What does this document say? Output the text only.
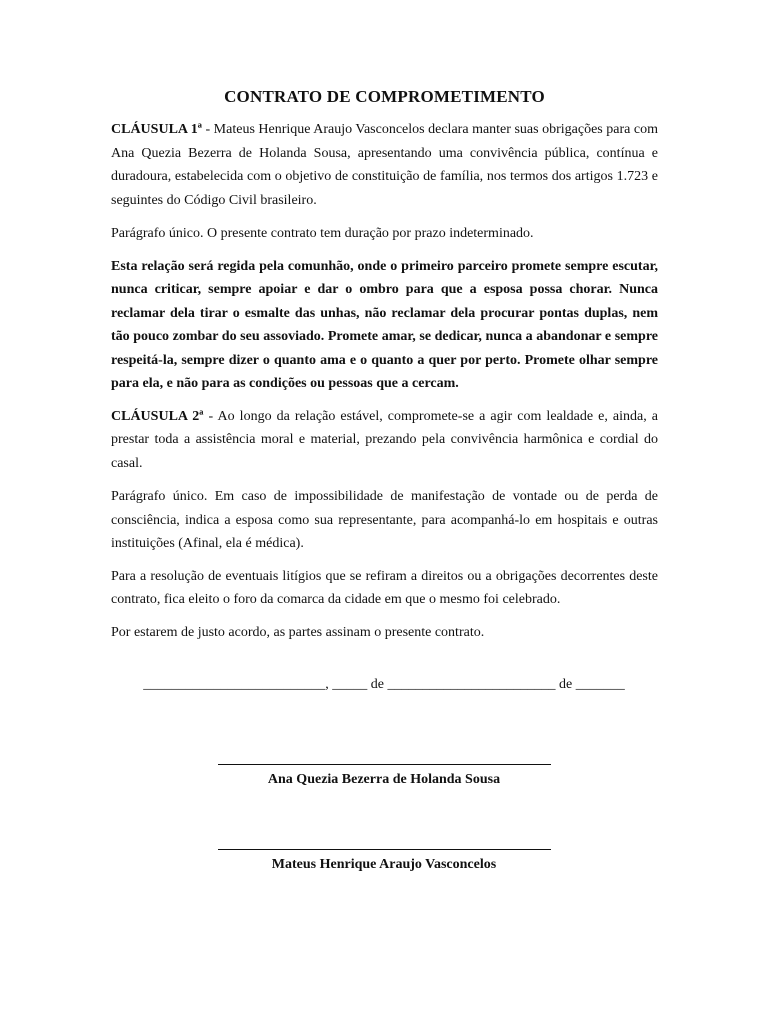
CONTRATO DE COMPROMETIMENTO

CLÁUSULA 1ª - Mateus Henrique Araujo Vasconcelos declara manter suas obrigações para com Ana Quezia Bezerra de Holanda Sousa, apresentando uma convivência pública, contínua e duradoura, estabelecida com o objetivo de constituição de família, nos termos dos artigos 1.723 e seguintes do Código Civil brasileiro.

Parágrafo único. O presente contrato tem duração por prazo indeterminado.

Esta relação será regida pela comunhão, onde o primeiro parceiro promete sempre escutar, nunca criticar, sempre apoiar e dar o ombro para que a esposa possa chorar. Nunca reclamar dela tirar o esmalte das unhas, não reclamar dela procurar pontas duplas, nem tão pouco zombar do seu assoviado. Promete amar, se dedicar, nunca a abandonar e sempre respeitá-la, sempre dizer o quanto ama e o quanto a quer por perto. Promete olhar sempre para ela, e não para as condições ou pessoas que a cercam.

CLÁUSULA 2ª - Ao longo da relação estável, compromete-se a agir com lealdade e, ainda, a prestar toda a assistência moral e material, prezando pela convivência harmônica e cordial do casal.

Parágrafo único. Em caso de impossibilidade de manifestação de vontade ou de perda de consciência, indica a esposa como sua representante, para acompanhá-lo em hospitais e outras instituições (Afinal, ela é médica).

Para a resolução de eventuais litígios que se refiram a direitos ou a obrigações decorrentes deste contrato, fica eleito o foro da comarca da cidade em que o mesmo foi celebrado.

Por estarem de justo acordo, as partes assinam o presente contrato.

__________________________, _____ de ________________________ de _______
Ana Quezia Bezerra de Holanda Sousa
Mateus Henrique Araujo Vasconcelos
